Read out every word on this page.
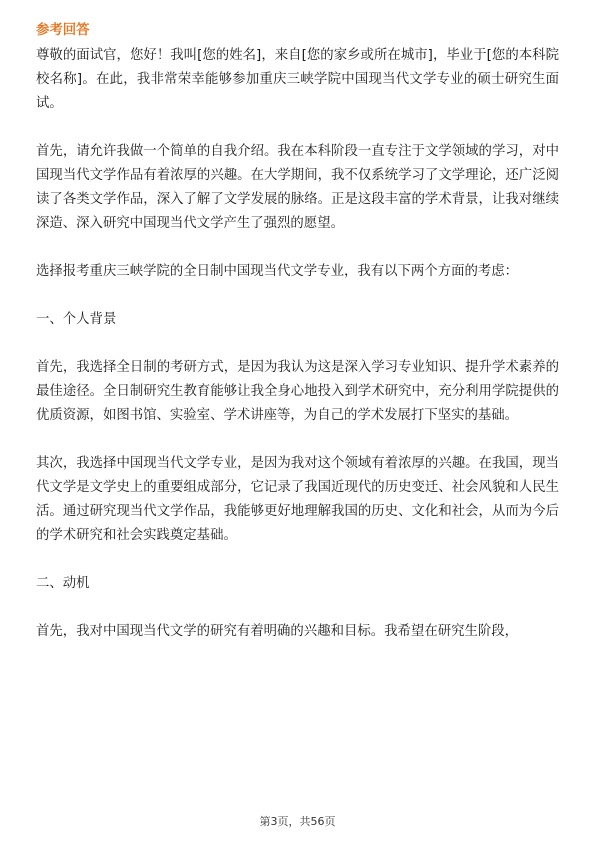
参考回答

尊敬的面试官，您好！我叫[您的姓名]，来自[您的家乡或所在城市]，毕业于[您的本科院校名称]。在此，我非常荣幸能够参加重庆三峡学院中国现当代文学专业的硕士研究生面试。

首先，请允许我做一个简单的自我介绍。我在本科阶段一直专注于文学领域的学习，对中国现当代文学作品有着浓厚的兴趣。在大学期间，我不仅系统学习了文学理论，还广泛阅读了各类文学作品，深入了解了文学发展的脉络。正是这段丰富的学术背景，让我对继续深造、深入研究中国现当代文学产生了强烈的愿望。

选择报考重庆三峡学院的全日制中国现当代文学专业，我有以下两个方面的考虑：

一、个人背景

首先，我选择全日制的考研方式，是因为我认为这是深入学习专业知识、提升学术素养的最佳途径。全日制研究生教育能够让我全身心地投入到学术研究中，充分利用学院提供的优质资源，如图书馆、实验室、学术讲座等，为自己的学术发展打下坚实的基础。

其次，我选择中国现当代文学专业，是因为我对这个领域有着浓厚的兴趣。在我国，现当代文学是文学史上的重要组成部分，它记录了我国近现代的历史变迁、社会风貌和人民生活。通过研究现当代文学作品，我能够更好地理解我国的历史、文化和社会，从而为今后的学术研究和社会实践奠定基础。

二、动机

首先，我对中国现当代文学的研究有着明确的兴趣和目标。我希望在研究生阶段，

第3页，共56页
